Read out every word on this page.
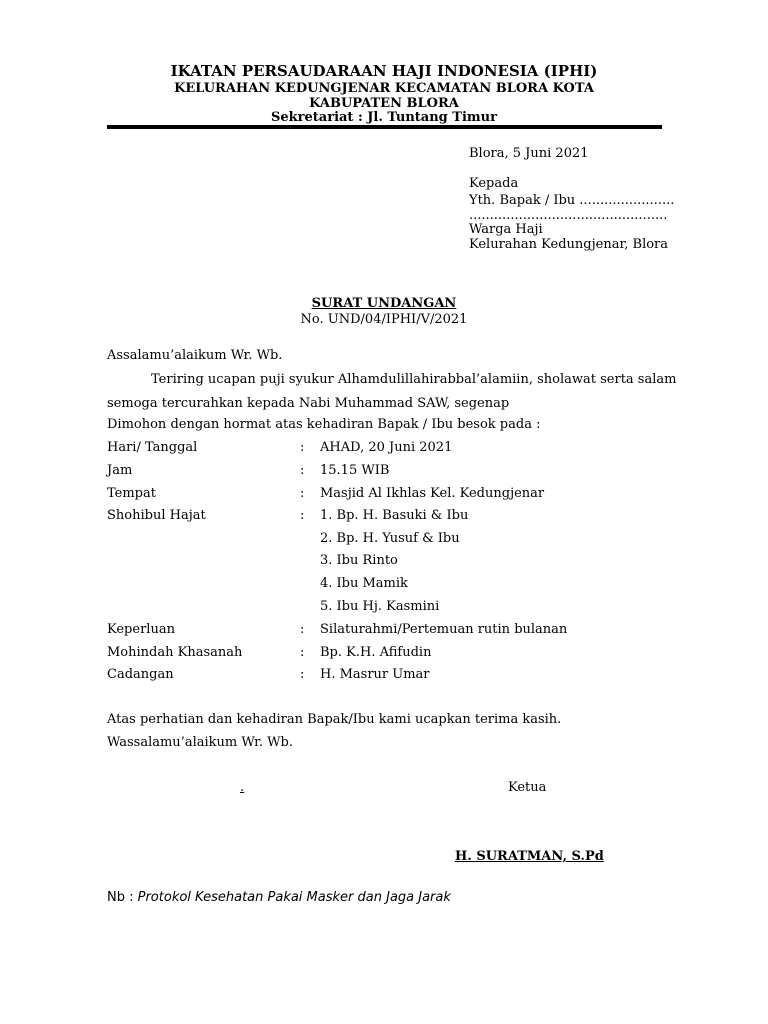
IKATAN PERSAUDARAAN HAJI INDONESIA (IPHI)
KELURAHAN KEDUNGJENAR KECAMATAN BLORA KOTA
KABUPATEN BLORA
Sekretariat : Jl. Tuntang Timur
Blora, 5 Juni 2021
Kepada
Yth. Bapak / Ibu .......................
................................................
Warga Haji
Kelurahan Kedungjenar, Blora
SURAT UNDANGAN
No. UND/04/IPHI/V/2021
Assalamu’alaikum Wr. Wb.
Teriring ucapan puji syukur Alhamdulillahirabbal’alamiin, sholawat serta salam
semoga tercurahkan kepada Nabi Muhammad SAW, segenap
Dimohon dengan hormat atas kehadiran Bapak / Ibu besok pada :
Hari/ Tanggal	: AHAD, 20 Juni 2021
Jam	: 15.15 WIB
Tempat	: Masjid Al Ikhlas Kel. Kedungjenar
Shohibul Hajat	: 1. Bp. H. Basuki & Ibu
2. Bp. H. Yusuf & Ibu
3. Ibu Rinto
4. Ibu Mamik
5. Ibu Hj. Kasmini
Keperluan	: Silaturahmi/Pertemuan rutin bulanan
Mohindah Khasanah	: Bp. K.H. Afifudin
Cadangan	: H. Masrur Umar
Atas perhatian dan kehadiran Bapak/Ibu kami ucapkan terima kasih.
Wassalamu’alaikum Wr. Wb.
.	Ketua
H. SURATMAN, S.Pd
Nb : Protokol Kesehatan Pakai Masker dan Jaga Jarak
